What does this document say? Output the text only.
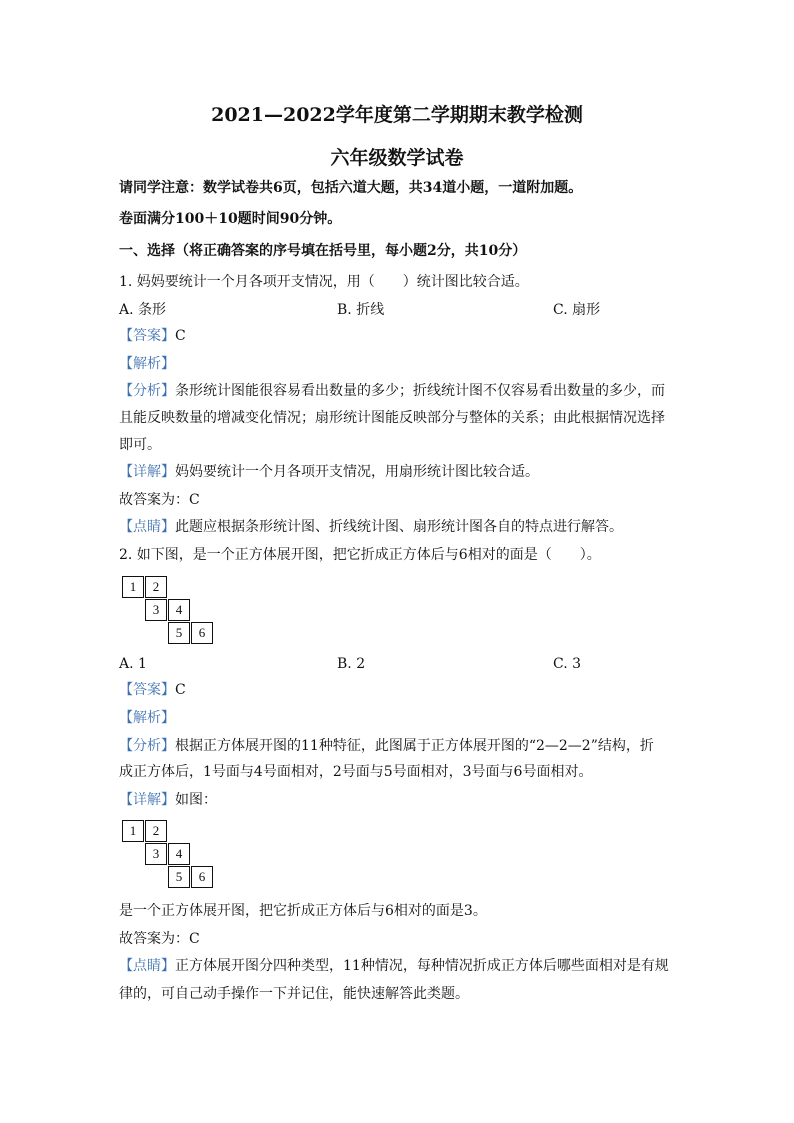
2021—2022学年度第二学期期末教学检测
六年级数学试卷
请同学注意：数学试卷共6页，包括六道大题，共34道小题，一道附加题。
卷面满分100＋10题时间90分钟。
一、选择（将正确答案的序号填在括号里，每小题2分，共10分）
1. 妈妈要统计一个月各项开支情况，用（　　）统计图比较合适。
A. 条形	B. 折线	C. 扇形
【答案】C
【解析】
【分析】条形统计图能很容易看出数量的多少；折线统计图不仅容易看出数量的多少，而
且能反映数量的增减变化情况；扇形统计图能反映部分与整体的关系；由此根据情况选择
即可。
【详解】妈妈要统计一个月各项开支情况，用扇形统计图比较合适。
故答案为：C
【点睛】此题应根据条形统计图、折线统计图、扇形统计图各自的特点进行解答。
2. 如下图，是一个正方体展开图，把它折成正方体后与6相对的面是（　　）。
1	2
3	4
5	6
A. 1	B. 2	C. 3
【答案】C
【解析】
【分析】根据正方体展开图的11种特征，此图属于正方体展开图的“2—2—2”结构，折
成正方体后，1号面与4号面相对，2号面与5号面相对，3号面与6号面相对。
【详解】如图：
1	2
3	4
5	6
是一个正方体展开图，把它折成正方体后与6相对的面是3。
故答案为：C
【点睛】正方体展开图分四种类型，11种情况，每种情况折成正方体后哪些面相对是有规
律的，可自己动手操作一下并记住，能快速解答此类题。
